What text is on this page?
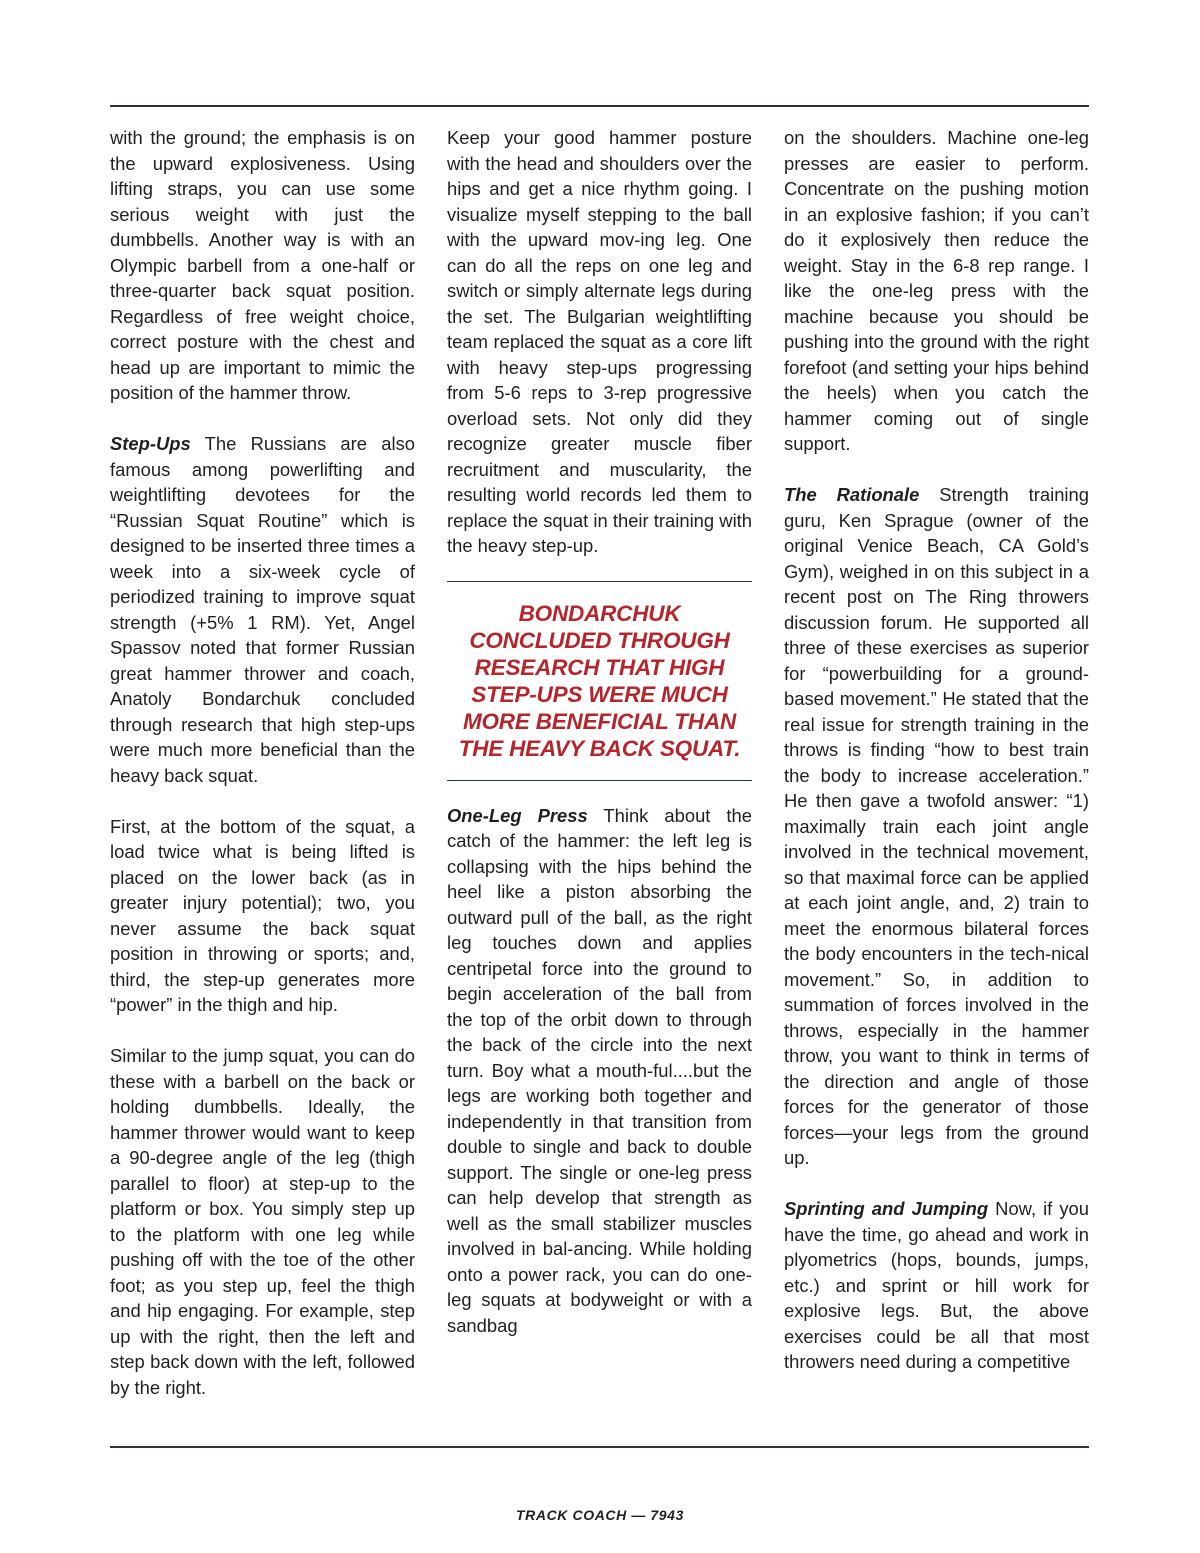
with the ground; the emphasis is on the upward explosiveness. Using lifting straps, you can use some serious weight with just the dumbbells. Another way is with an Olympic barbell from a one-half or three-quarter back squat position. Regardless of free weight choice, correct posture with the chest and head up are important to mimic the position of the hammer throw.

Step-Ups The Russians are also famous among powerlifting and weightlifting devotees for the “Russian Squat Routine” which is designed to be inserted three times a week into a six-week cycle of periodized training to improve squat strength (+5% 1 RM). Yet, Angel Spassov noted that former Russian great hammer thrower and coach, Anatoly Bondarchuk concluded through research that high step-ups were much more beneficial than the heavy back squat.

First, at the bottom of the squat, a load twice what is being lifted is placed on the lower back (as in greater injury potential); two, you never assume the back squat position in throwing or sports; and, third, the step-up generates more “power” in the thigh and hip.

Similar to the jump squat, you can do these with a barbell on the back or holding dumbbells. Ideally, the hammer thrower would want to keep a 90-degree angle of the leg (thigh parallel to floor) at step-up to the platform or box. You simply step up to the platform with one leg while pushing off with the toe of the other foot; as you step up, feel the thigh and hip engaging. For example, step up with the right, then the left and step back down with the left, followed by the right.

Keep your good hammer posture with the head and shoulders over the hips and get a nice rhythm going. I visualize myself stepping to the ball with the upward mov-ing leg. One can do all the reps on one leg and switch or simply alternate legs during the set. The Bulgarian weightlifting team replaced the squat as a core lift with heavy step-ups progressing from 5-6 reps to 3-rep progressive overload sets. Not only did they recognize greater muscle fiber recruitment and muscularity, the resulting world records led them to replace the squat in their training with the heavy step-up.

BONDARCHUK CONCLUDED THROUGH RESEARCH THAT HIGH STEP-UPS WERE MUCH MORE BENEFICIAL THAN THE HEAVY BACK SQUAT.

One-Leg Press Think about the catch of the hammer: the left leg is collapsing with the hips behind the heel like a piston absorbing the outward pull of the ball, as the right leg touches down and applies centripetal force into the ground to begin acceleration of the ball from the top of the orbit down to through the back of the circle into the next turn. Boy what a mouth-ful....but the legs are working both together and independently in that transition from double to single and back to double support. The single or one-leg press can help develop that strength as well as the small stabilizer muscles involved in bal-ancing. While holding onto a power rack, you can do one-leg squats at bodyweight or with a sandbag

on the shoulders. Machine one-leg presses are easier to perform. Concentrate on the pushing motion in an explosive fashion; if you can’t do it explosively then reduce the weight. Stay in the 6-8 rep range. I like the one-leg press with the machine because you should be pushing into the ground with the right forefoot (and setting your hips behind the heels) when you catch the hammer coming out of single support.

The Rationale Strength training guru, Ken Sprague (owner of the original Venice Beach, CA Gold’s Gym), weighed in on this subject in a recent post on The Ring throwers discussion forum. He supported all three of these exercises as superior for “powerbuilding for a ground-based movement.” He stated that the real issue for strength training in the throws is finding “how to best train the body to increase acceleration.” He then gave a twofold answer: “1) maximally train each joint angle involved in the technical movement, so that maximal force can be applied at each joint angle, and, 2) train to meet the enormous bilateral forces the body encounters in the tech-nical movement.” So, in addition to summation of forces involved in the throws, especially in the hammer throw, you want to think in terms of the direction and angle of those forces for the generator of those forces—your legs from the ground up.

Sprinting and Jumping Now, if you have the time, go ahead and work in plyometrics (hops, bounds, jumps, etc.) and sprint or hill work for explosive legs. But, the above exercises could be all that most throwers need during a competitive

TRACK COACH — 7943
